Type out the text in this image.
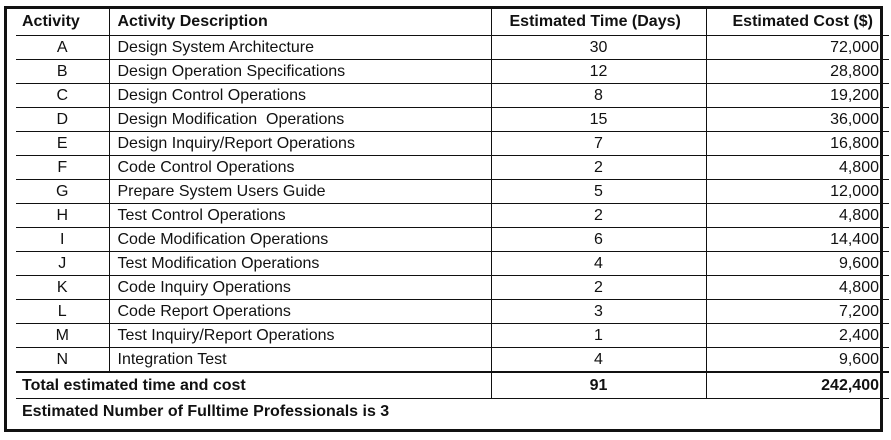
Activity	Activity Description	Estimated Time (Days)	Estimated Cost ($)
A	Design System Architecture	30	72,000
B	Design Operation Specifications	12	28,800
C	Design Control Operations	8	19,200
D	Design Modification  Operations	15	36,000
E	Design Inquiry/Report Operations	7	16,800
F	Code Control Operations	2	4,800
G	Prepare System Users Guide	5	12,000
H	Test Control Operations	2	4,800
I	Code Modification Operations	6	14,400
J	Test Modification Operations	4	9,600
K	Code Inquiry Operations	2	4,800
L	Code Report Operations	3	7,200
M	Test Inquiry/Report Operations	1	2,400
N	Integration Test	4	9,600
Total estimated time and cost		91	242,400
Estimated Number of Fulltime Professionals is 3			
